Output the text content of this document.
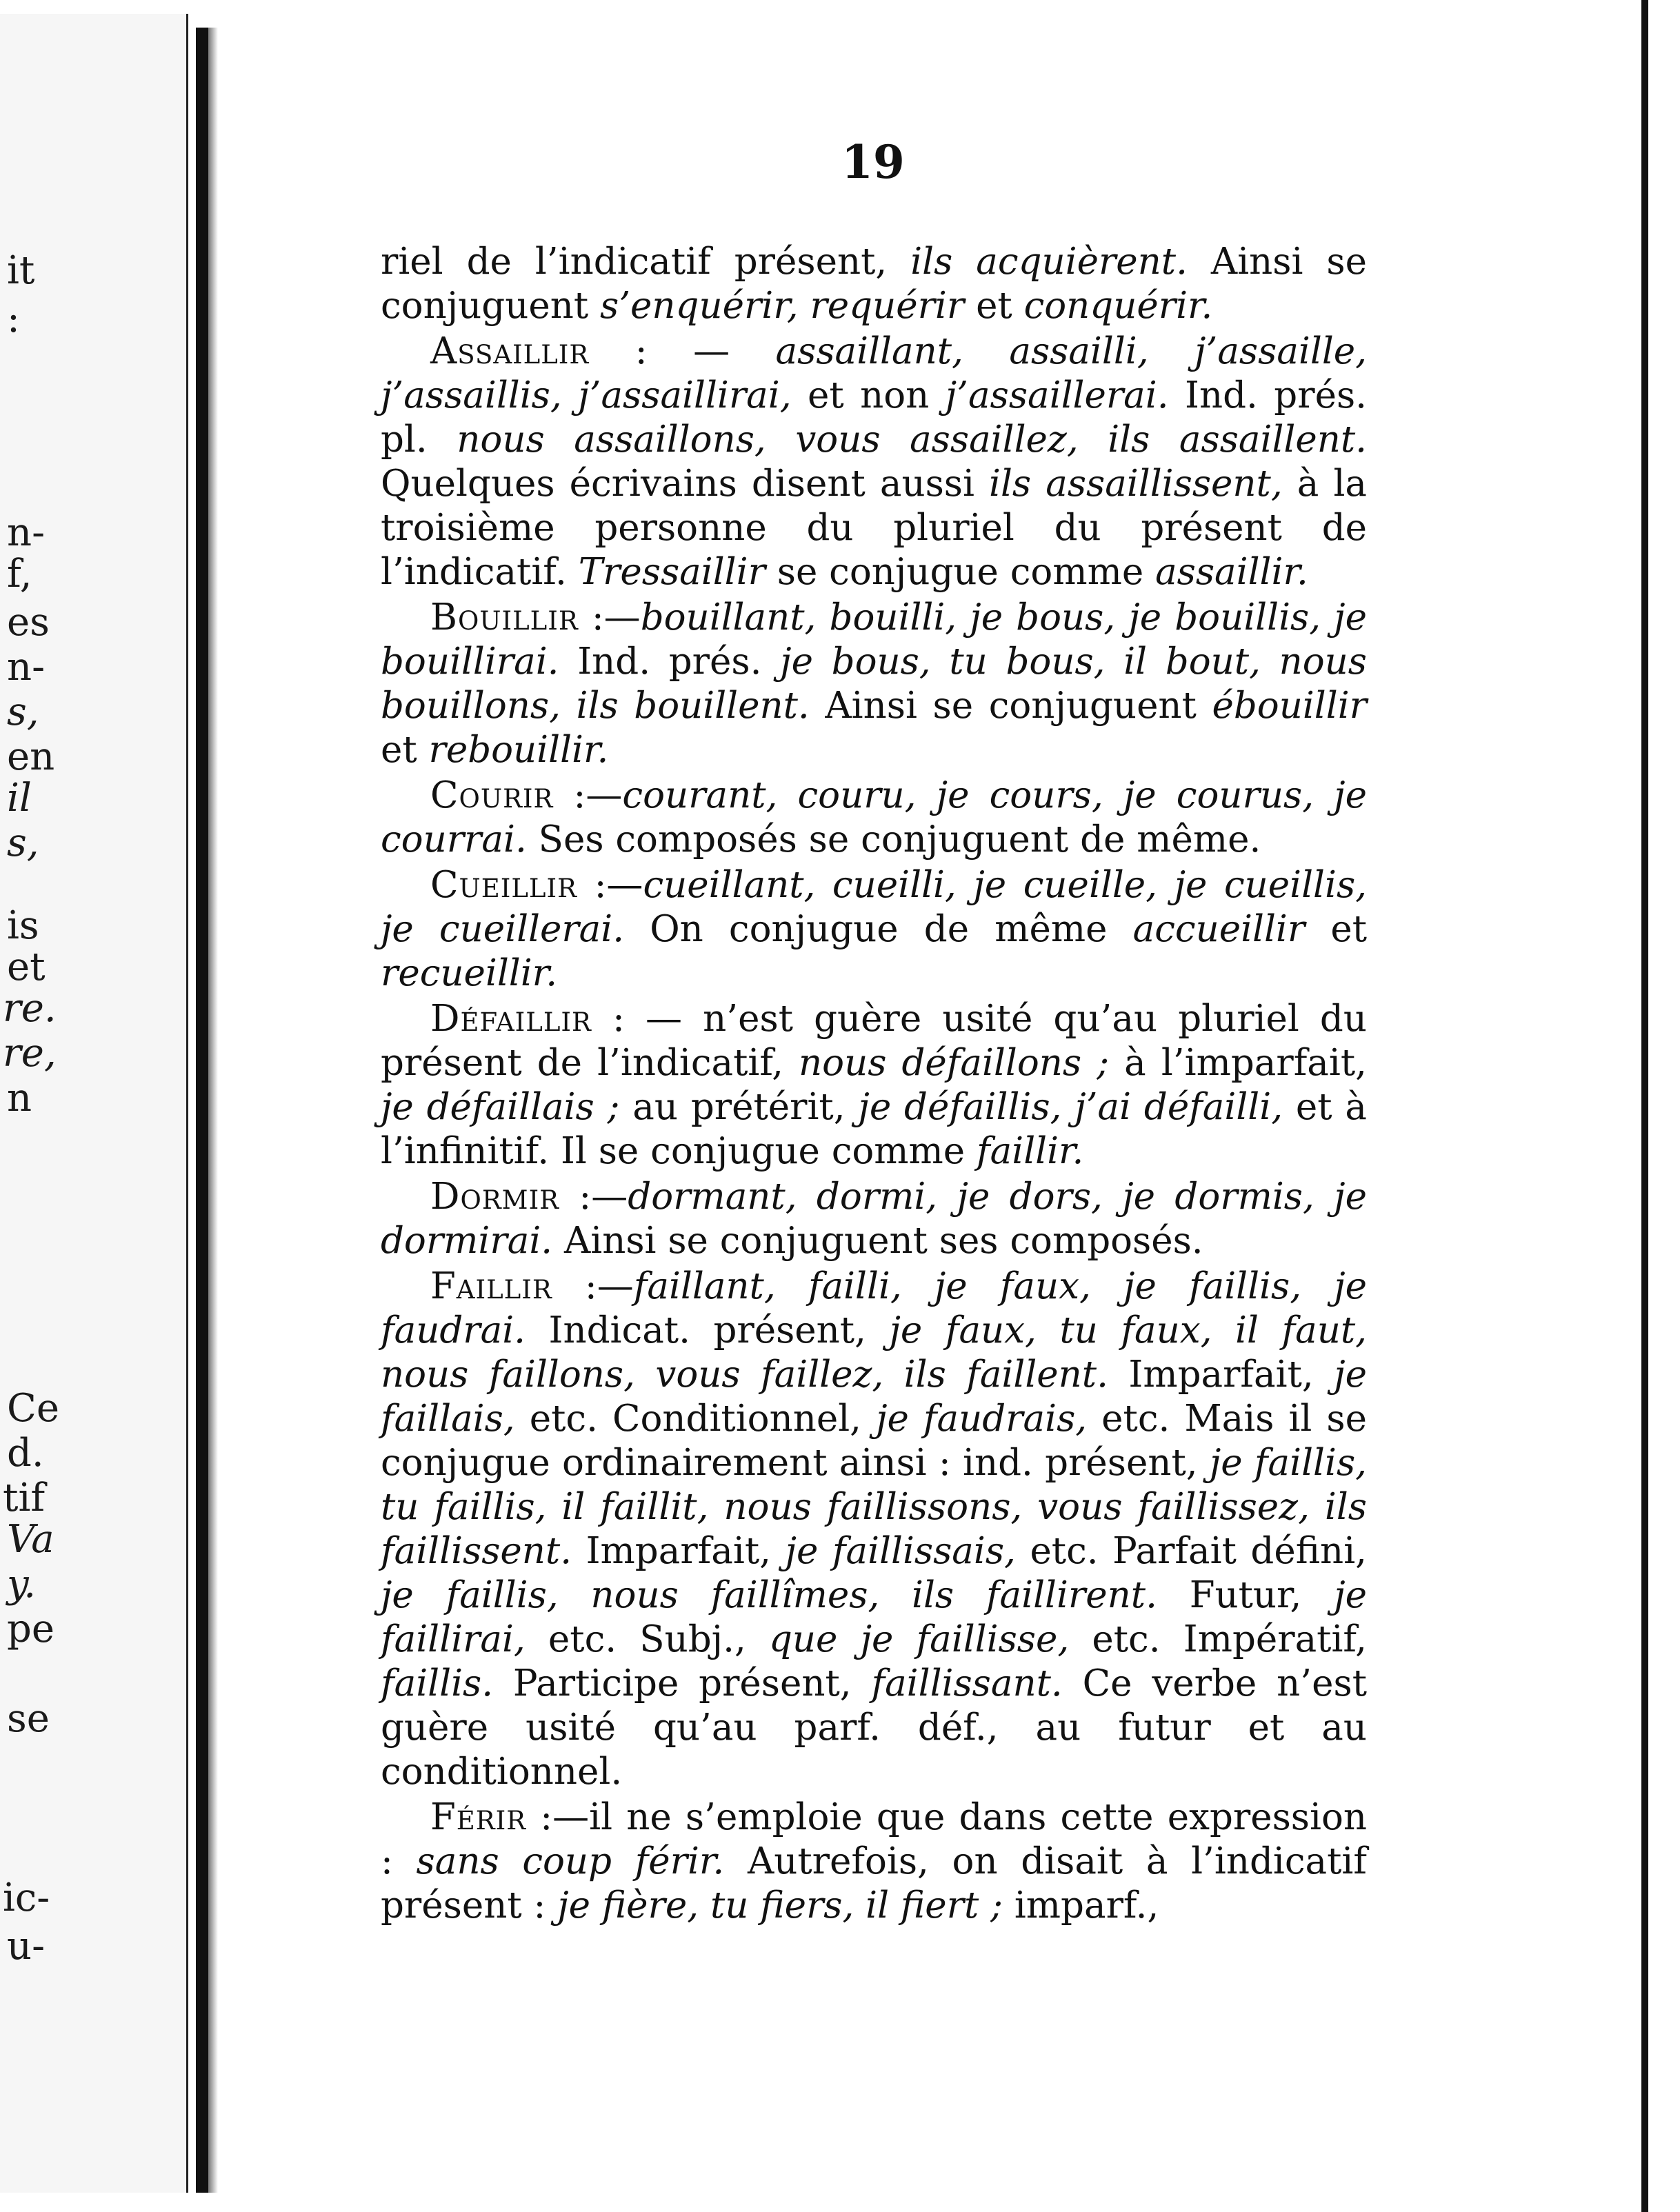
it
:
n-
f,
es
n-
s,
en
il
s,
is
et
re.
re,
n
Ce
d.
tif
Va
y.
pe
se
ic-
u-
19

riel de l’indicatif présent, ils acquièrent. Ainsi se conjuguent s’enquérir, requérir et conquérir.

Assaillir : — assaillant, assailli, j’assaille, j’assaillis, j’assaillirai, et non j’assaillerai. Ind. prés. pl. nous assaillons, vous assaillez, ils assaillent. Quelques écrivains disent aussi ils assaillissent, à la troisième personne du pluriel du présent de l’indicatif. Tressaillir se conjugue comme assaillir.

Bouillir :—bouillant, bouilli, je bous, je bouillis, je bouillirai. Ind. prés. je bous, tu bous, il bout, nous bouillons, ils bouillent. Ainsi se conjuguent ébouillir et rebouillir.

Courir :—courant, couru, je cours, je courus, je courrai. Ses composés se conjuguent de même.

Cueillir :—cueillant, cueilli, je cueille, je cueillis, je cueillerai. On conjugue de même accueillir et recueillir.

Défaillir : — n’est guère usité qu’au pluriel du présent de l’indicatif, nous défaillons ; à l’imparfait, je défaillais ; au prétérit, je défaillis, j’ai défailli, et à l’infinitif. Il se conjugue comme faillir.

Dormir :—dormant, dormi, je dors, je dormis, je dormirai. Ainsi se conjuguent ses composés.

Faillir :—faillant, failli, je faux, je faillis, je faudrai. Indicat. présent, je faux, tu faux, il faut, nous faillons, vous faillez, ils faillent. Imparfait, je faillais, etc. Conditionnel, je faudrais, etc. Mais il se conjugue ordinairement ainsi : ind. présent, je faillis, tu faillis, il faillit, nous faillissons, vous faillissez, ils faillissent. Imparfait, je faillissais, etc. Parfait défini, je faillis, nous faillîmes, ils faillirent. Futur, je faillirai, etc. Subj., que je faillisse, etc. Impératif, faillis. Participe présent, faillissant. Ce verbe n’est guère usité qu’au parf. déf., au futur et au conditionnel.

Férir :—il ne s’emploie que dans cette expression : sans coup férir. Autrefois, on disait à l’indicatif présent : je fière, tu fiers, il fiert ; imparf.,
